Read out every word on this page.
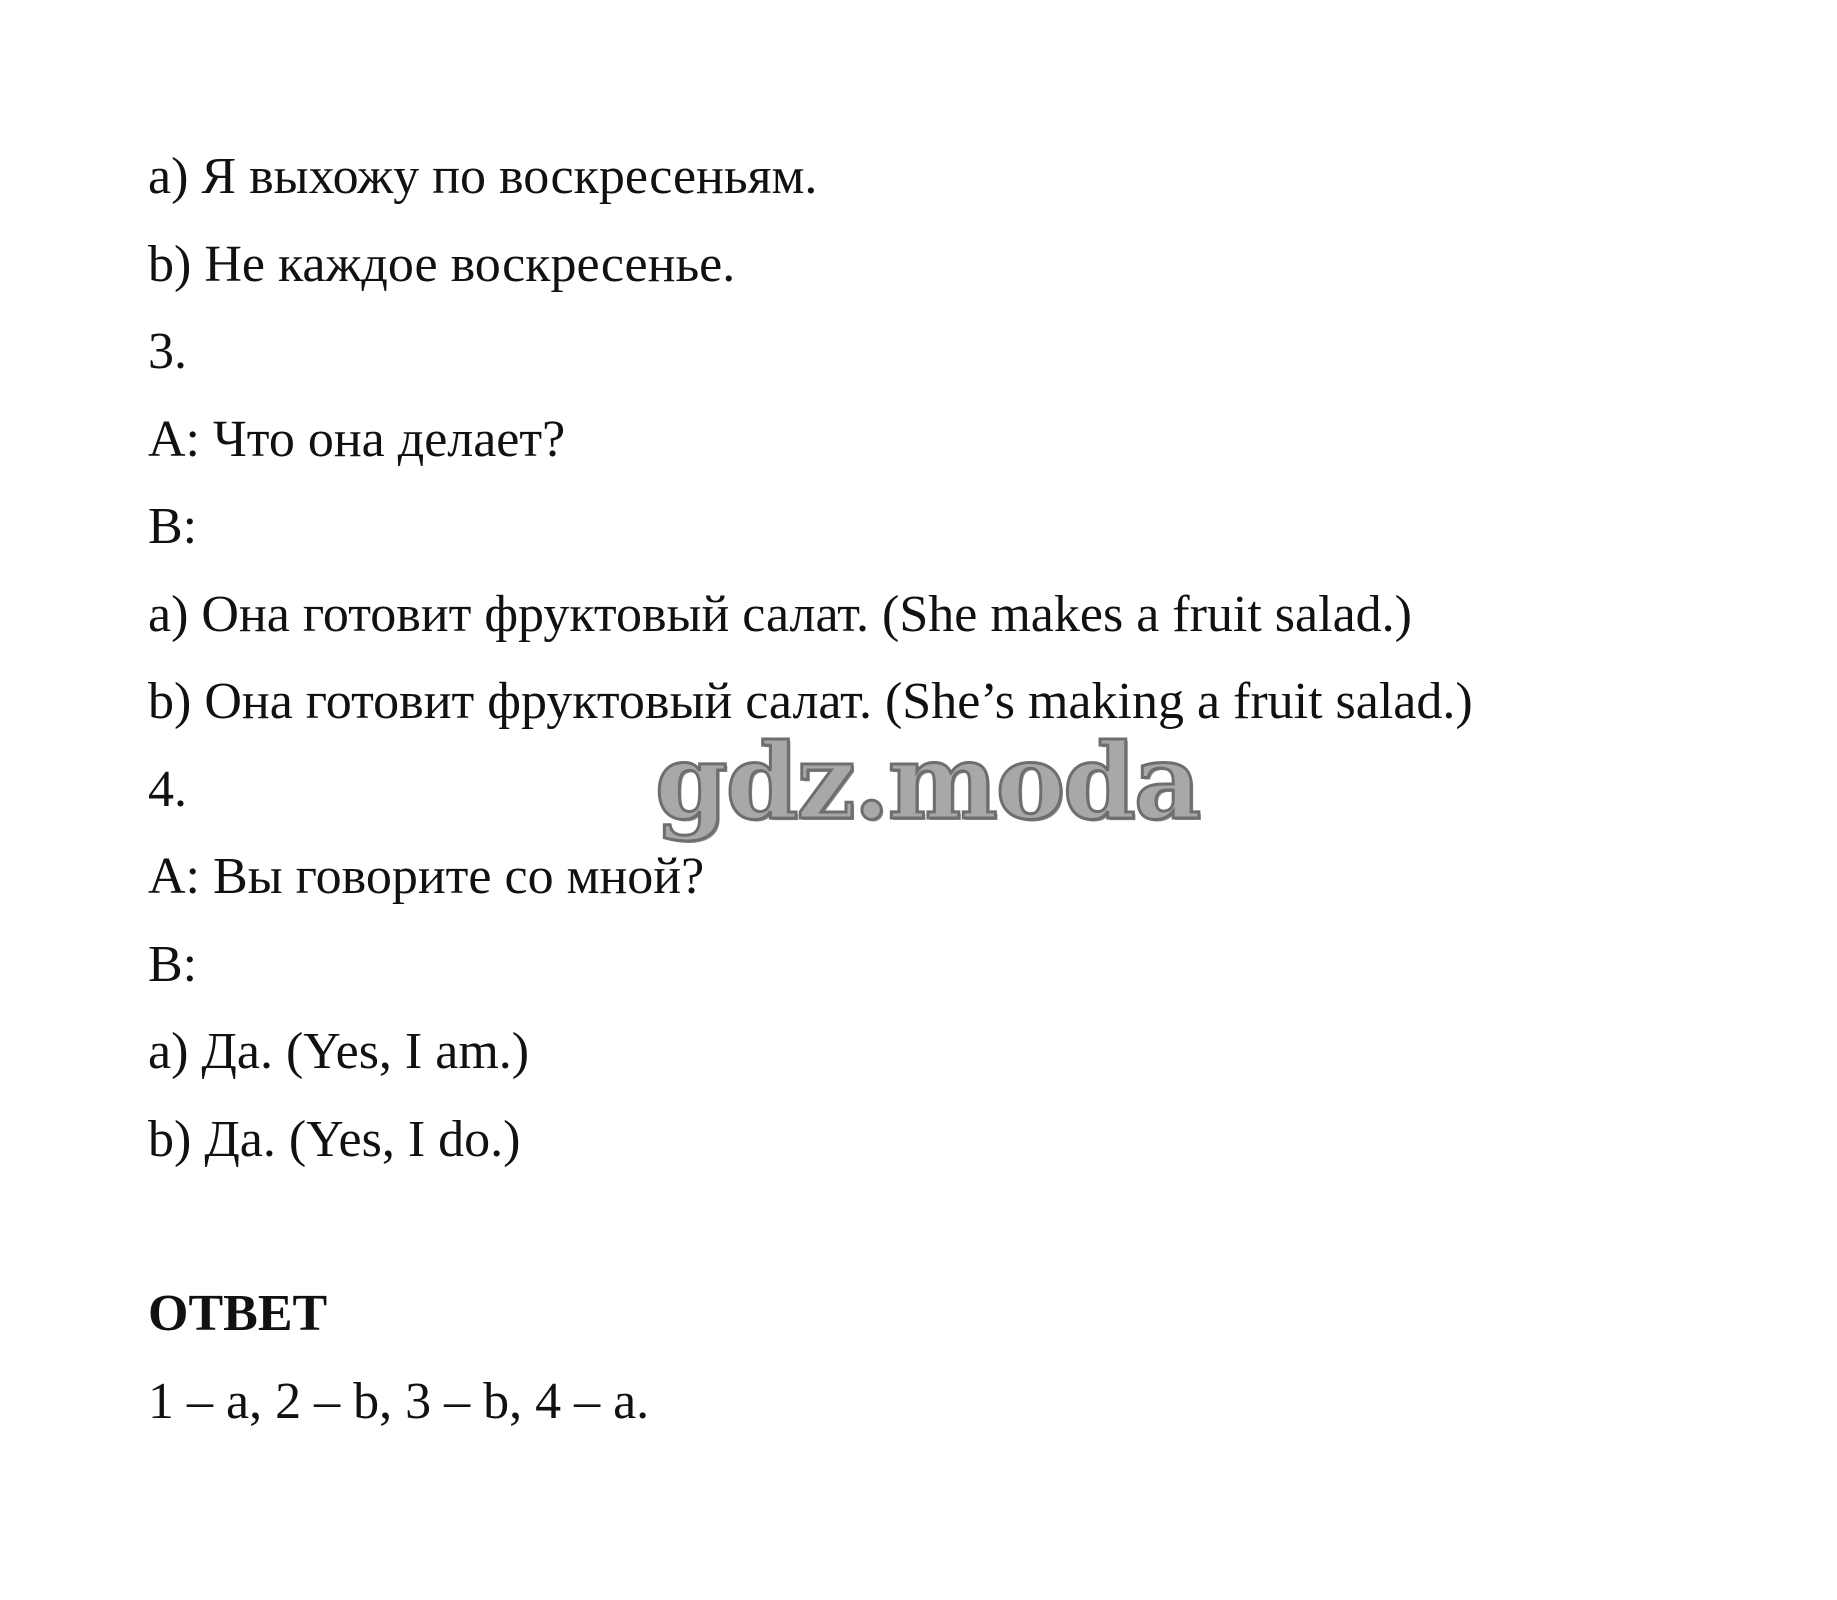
a) Я выхожу по воскресеньям.
b) Не каждое воскресенье.
3.
A: Что она делает?
B:
a) Она готовит фруктовый салат. (She makes a fruit salad.)
b) Она готовит фруктовый салат. (She’s making a fruit salad.)
4.
A: Вы говорите со мной?
B:
a) Да. (Yes, I am.)
b) Да. (Yes, I do.)
ОТВЕТ
1 – a, 2 – b, 3 – b, 4 – a.
gdz.moda
